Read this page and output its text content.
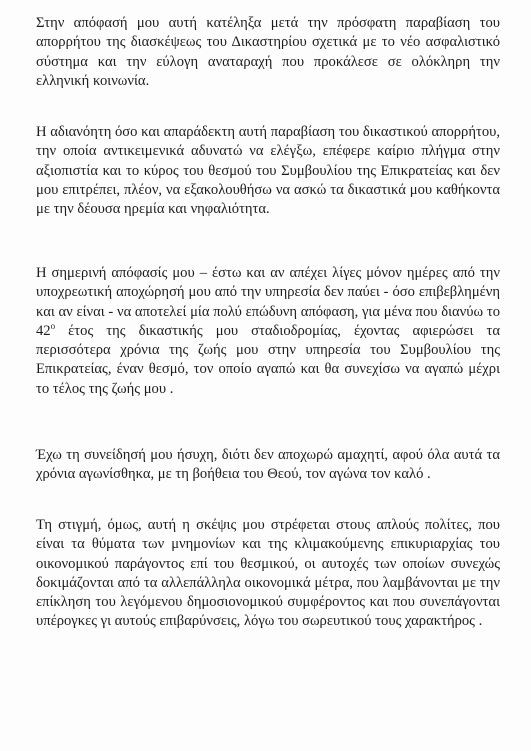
Στην απόφασή μου αυτή κατέληξα μετά την πρόσφατη παραβίαση του απορρήτου της διασκέψεως του Δικαστηρίου σχετικά με το νέο ασφαλιστικό σύστημα και την εύλογη αναταραχή που προκάλεσε σε ολόκληρη την ελληνική κοινωνία.

Η αδιανόητη όσο και απαράδεκτη αυτή παραβίαση του δικαστικού απορρήτου, την οποία αντικειμενικά αδυνατώ να ελέγξω, επέφερε καίριο πλήγμα στην αξιοπιστία και το κύρος του θεσμού του Συμβουλίου της Επικρατείας και δεν μου επιτρέπει, πλέον, να εξακολουθήσω να ασκώ τα δικαστικά μου καθήκοντα με την δέουσα ηρεμία και νηφαλιότητα.

Η σημερινή απόφασίς μου – έστω και αν απέχει λίγες μόνον ημέρες από την υποχρεωτική αποχώρησή μου από την υπηρεσία δεν παύει - όσο επιβεβλημένη και αν είναι - να αποτελεί μία πολύ επώδυνη απόφαση, για μένα που διανύω το $42^o$ έτος της δικαστικής μου σταδιοδρομίας, έχοντας αφιερώσει τα περισσότερα χρόνια της ζωής μου στην υπηρεσία του Συμβουλίου της Επικρατείας, έναν θεσμό, τον οποίο αγαπώ και θα συνεχίσω να αγαπώ μέχρι το τέλος της ζωής μου .

Έχω τη συνείδησή μου ήσυχη, διότι δεν αποχωρώ αμαχητί, αφού όλα αυτά τα χρόνια αγωνίσθηκα, με τη βοήθεια του Θεού, τον αγώνα τον καλό .

Τη στιγμή, όμως, αυτή η σκέψις μου στρέφεται στους απλούς πολίτες, που είναι τα θύματα των μνημονίων και της κλιμακούμενης επικυριαρχίας του οικονομικού παράγοντος επί του θεσμικού, οι αυτοχές των οποίων συνεχώς δοκιμάζονται από τα αλλεπάλληλα οικονομικά μέτρα, που λαμβάνονται με την επίκληση του λεγόμενου δημοσιονομικού συμφέροντος και που συνεπάγονται υπέρογκες γι αυτούς επιβαρύνσεις, λόγω του σωρευτικού τους χαρακτήρος .
